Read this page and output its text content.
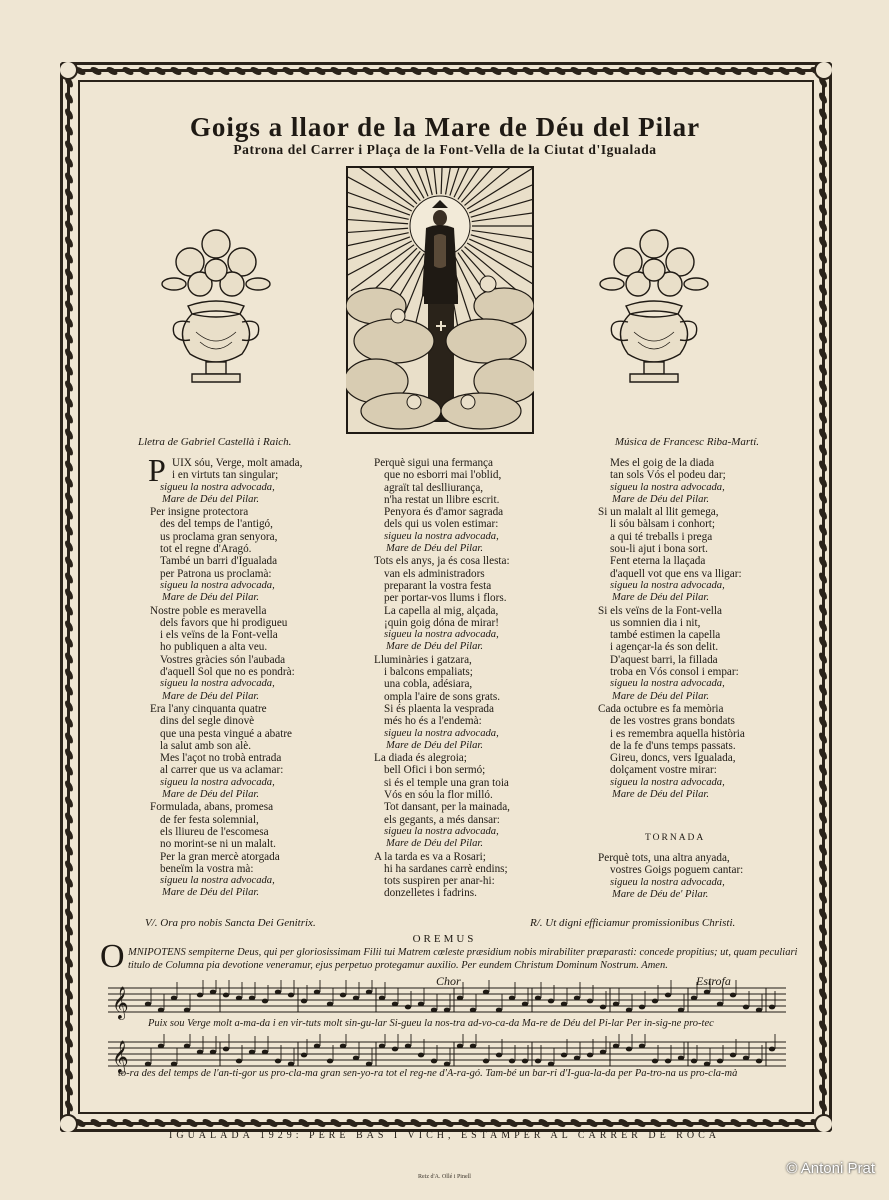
Goigs a llaor de la Mare de Déu del Pilar
Patrona del Carrer i Plaça de la Font-Vella de la Ciutat d'Igualada
Lletra de Gabriel Castellà i Raich.	Música de Francesc Riba-Martí.
P UIX sóu, Verge, molt amada,
i en virtuts tan singular;
sigueu la nostra advocada,
Mare de Déu del Pilar.
Per insigne protectora
des del temps de l'antigó,
us proclama gran senyora,
tot el regne d'Aragó.
També un barri d'Igualada
per Patrona us proclamà:
sigueu la nostra advocada,
Mare de Déu del Pilar.
Nostre poble es meravella
dels favors que hi prodigueu
i els veïns de la Font-vella
ho publiquen a alta veu.
Vostres gràcies són l'aubada
d'aquell Sol que no es pondrà:
sigueu la nostra advocada,
Mare de Déu del Pilar.
Era l'any cinquanta quatre
dins del segle dinovè
que una pesta vingué a abatre
la salut amb son alè.
Mes l'açot no trobà entrada
al carrer que us va aclamar:
sigueu la nostra advocada,
Mare de Déu del Pilar.
Formulada, abans, promesa
de fer festa solemnial,
els lliureu de l'escomesa
no morint-se ni un malalt.
Per la gran mercè atorgada
beneïm la vostra mà:
sigueu la nostra advocada,
Mare de Déu del Pilar.
Perquè sigui una fermança
que no esborri mai l'oblid,
agraït tal deslliurança,
n'ha restat un llibre escrit.
Penyora és d'amor sagrada
dels qui us volen estimar:
sigueu la nostra advocada,
Mare de Déu del Pilar.
Tots els anys, ja és cosa llesta:
van els administradors
preparant la vostra festa
per portar-vos llums i flors.
La capella al mig, alçada,
¡quin goig dóna de mirar!
sigueu la nostra advocada,
Mare de Déu del Pilar.
Lluminàries i gatzara,
i balcons empaliats;
una cobla, adésiara,
ompla l'aire de sons grats.
Si és plaenta la vesprada
més ho és a l'endemà:
sigueu la nostra advocada,
Mare de Déu del Pilar.
La diada és alegroia;
bell Ofici i bon sermó;
si és el temple una gran toia
Vós en sóu la flor milló.
Tot dansant, per la mainada,
els gegants, a més dansar:
sigueu la nostra advocada,
Mare de Déu del Pilar.
A la tarda es va a Rosari;
hi ha sardanes carrè endins;
tots suspiren per anar-hi:
donzelletes i fadrins.
Mes el goig de la diada
tan sols Vós el podeu dar;
sigueu la nostra advocada,
Mare de Déu del Pilar.
Si un malalt al llit gemega,
li sóu bàlsam i conhort;
a qui té treballs i prega
sou-li ajut i bona sort.
Fent eterna la llaçada
d'aquell vot que ens va lligar:
sigueu la nostra advocada,
Mare de Déu del Pilar.
Si els veïns de la Font-vella
us somnien dia i nit,
també estimen la capella
i agençar-la és son delit.
D'aquest barri, la fillada
troba en Vós consol i empar:
sigueu la nostra advocada,
Mare de Déu del Pilar.
Cada octubre es fa memòria
de les vostres grans bondats
i es remembra aquella història
de la fe d'uns temps passats.
Gireu, doncs, vers Igualada,
dolçament vostre mirar:
sigueu la nostra advocada,
Mare de Déu del Pilar.
TORNADA
Perquè tots, una altra anyada,
vostres Goigs poguem cantar:
sigueu la nostra advocada,
Mare de Déu de' Pilar.
V/. Ora pro nobis Sancta Dei Genitrix.	R/. Ut digni efficiamur promissionibus Christi.
OREMUS
O MNIPOTENS sempiterne Deus, qui per gloriosissimam Filii tui Matrem cœleste præsidium nobis mirabiliter præparasti: concede propitius; ut, quam peculiari titulo de Columna pia devotione veneramur, ejus perpetuo protegamur auxilio. Per eundem Christum Dominum Nostrum. Amen.
Chor	Estrofa
𝄞
Puix sou Verge molt a-ma-da i en vir-tuts molt sin-gu-lar Si-gueu la nos-tra ad-vo-ca-da Ma-re de Déu del Pi-lar Per in-sig-ne pro-tec
𝄞
to-ra des del temps de l'an-ti-gor us pro-cla-ma gran sen-yo-ra tot el reg-ne d'A-ra-gó. Tam-bé un bar-ri d'I-gua-la-da per Pa-tro-na us pro-cla-mà
IGUALADA 1929: PERE BAS I VICH, ESTAMPER AL CARRER DE ROCA
Reiz d'A. Ollé i Pinell	© Antoni Prat
